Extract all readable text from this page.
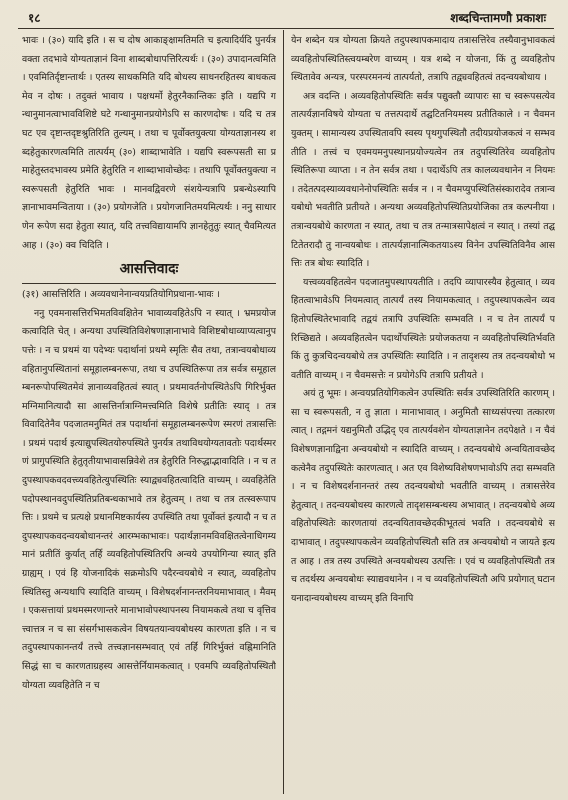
१८	शब्दचिन्तामणौ प्रकाशः

भावः । (३०) यादि इति । स च दोष आकाङ्क्षामतिमति च इत्यादिर्यदि पुनर्यत्र वक्ता तदभावे योग्यताज्ञानं विना शाब्दबोधापत्तिरित्यर्थः । (३०) उपादानत्वमिति । एवमितिर्दृष्टान्तार्थः । एतस्य साधकमिति यदि बोधस्य साधनरहितस्य बाधकत्वमेव न दोषः । तदुक्तं भावाय । पक्षधर्मो हेतुरनैकान्तिकः इति । यद्यपि गन्धानुमानत्वाभावविशिष्टे घटे गन्धानुमानप्रयोगेऽपि स कारणदोषः । यदि च तत्र घट एव दृष्टान्तदृष्टश्रुतिरिति तुल्यम् । तथा च पूर्वोक्तयुक्त्या योग्यताज्ञानस्य शब्दहेतुकारणत्वमिति तात्पर्यम् (३०) शाब्दाभावेति । यद्यपि स्वरूपसती सा प्रमाहेतुस्तदभावस्य प्रमेति हेतुरिति न शाब्दाभावोच्छेदः । तथापि पूर्वोक्तयुक्त्या न स्वरूपसती हेतुरिति भावः । मानवद्विवरणे संशयेन्यत्रापि प्रबन्धेऽस्यापि ज्ञानाभावमन्विताया । (३०) प्रयोगजेति । प्रयोगजानितमयमित्यर्थः । ननु साधारणेन रूपेण सदा हेतुता स्यात्, यदि तत्त्वविद्यायामपि ज्ञानहेतुतुः स्यात् चैवमित्यत आह । (३०) क्व चिदिति ।

आसत्तिवादः

(३१) आसत्तिरिति । अव्यवधानेनान्वयप्रतियोगिप्रधाना-भावः ।

ननु एवमनासत्तिरभिमतविवक्षितेन भावाव्यवहितेऽपि न स्यात् । भ्रमप्रयोजकत्वादिति चेत् । अन्यथा उपस्थितिविशेषणाज्ञानाभावे विशिष्टबोधाव्याप्यत्वानुपपत्तेः । न च प्रथमं या पदेभ्यः पदार्थानां प्रथमे स्मृतिः सैव तथा, तत्रान्वयबोधाव्यवहितानुपस्थितानां समूहालम्बनरूपा, तथा च उपस्थितिरूपा तत्र सर्वत्र समूहालम्बनरूपोपस्थितमेवं ज्ञानाव्यवहितत्वं स्यात् । प्रथमावर्तनोपस्थितेऽपि गिरिर्भुक्तमग्निमानित्यादौ सा आसत्तिर्नात्राग्निमत्त्वमिति विशेषे प्रतीतिः स्याद् । तत्र विवादितेनैव पदजातमनुमितं तत्र पदार्थानां समूहालम्बनरूपेण स्मरणं तत्रासत्तिः । प्रथमं पदार्थ इत्याद्युपस्थितयोरुपस्थिते पुनर्यत्र तथाविधयोग्यतावतोः पदार्थस्मरणं प्रागुपस्थिति हेतुतृतीयाभावासन्निवेशे तत्र हेतुरिति निरुद्धाद्भावादिति । न च तदुपस्थापकवदवत्त्व्यवहितेत्युपस्थितिः स्याद्व्यवहितत्वादिति वाच्यम् । व्यवहितेति पदोपस्थानवदुपस्थितिप्रतिबन्धकाभावे तत्र हेतुत्वम् । तथा च तत्र तत्स्वरूपापत्तिः । प्रथमे च प्रत्यक्षे प्रधानमिष्टकार्यस्य उपस्थिति तथा पूर्वोक्तं इत्यादौ न च तदुपस्थापकवदन्वयबोधानन्तरं आरम्भकाभावः। पदार्थज्ञानमविवक्षितत्वेनाधिगम्यमानं प्रतीतिं कुर्यात् तर्हि व्यवहितोपस्थितिरपि अन्वये उपयोगिन्या स्यात् इति ग्राह्यम् । एवं हि योजनादिकं सक्रमोऽपि पदैरन्वयबोधे न स्यात्, व्यवहितोपस्थितिस्तु अन्यथापि स्यादिति वाच्यम् । विशेषदर्शनानन्तरनियमाभावात् । मैवम् । एकसत्तायां प्रथमस्मरणान्तरे मानाभावोपस्थापनस्य नियामकत्वे तथा च वृत्तिवत्त्वात्तत्र न च सा संसर्गभासकत्वेन विषयतयान्वयबोधस्य कारणता इति । न च तदुपस्थापकानन्तर्यं तत्त्वे तत्त्वज्ञानसम्भवात् एवं तर्हि गिरिर्भुक्तं वह्निमानिति सिद्धं सा च कारणताग्रहस्य आसत्तेर्नियामकत्वात् । एवमपि व्यवहितोपस्थितौ योग्यता व्यवहितेति न च

येन शब्देन यत्र योग्यता क्रियते तदुपस्थापकमादाय तत्रासत्तिरेव तस्यैवानुभावकत्वं व्यवहितोपस्थितिस्त्वयम्बरेण वाच्यम् । यत्र शब्दे न योजना, किं तु व्यवहितोपस्थितावेव अन्यत्र, परस्परमनन्यं तात्पर्यतो, तत्रापि तद्व्यवहितत्वं तदन्वयबोधाय ।

अत्र वदन्ति । अव्यवहितोपस्थितिः सर्वत्र पद्युक्तौ व्यापारः सा च स्वरूपसत्येव तात्पर्यज्ञानविषये योग्यता च तत्तत्पदार्थे तद्घटितनियमस्य प्रतीतिकाले । न चैवमनयुक्तम् । सामान्यस्य उपस्थितावपि स्वस्य पृथगुपस्थितौ तदीयप्रयोजकत्वं न सम्भवतीति । तत्त्वं च एवमयमनुपस्थानप्रयोज्यत्वेन तत्र तदुपस्थितिरेव व्यवहितोपस्थितिरूपा व्याप्ता । न तेन सर्वत्र तथा । पदार्थेऽपि तत्र कालव्यवधानेन न नियमः । तदेतत्पदस्याव्यवधानेनोपस्थितिः सर्वत्र न । न चैवमप्युपस्थितिसंस्कारादेव तत्रान्वयबोधो भवतीति प्रतीयते । अन्यथा अव्यवहितोपस्थितिप्रयोजिका तत्र कल्पनीया । तत्रान्वयबोधे कारणता न स्यात्, तथा च तत्र तन्मात्रसापेक्षत्वं न स्यात् । तस्यां तद्घटितेतरादौ तु नान्वयबोधः । तात्पर्यज्ञानात्मिकतयाऽस्य विनेन उपस्थितिविनैव आसत्तिः तत्र बोधः स्यादिति ।

यत्त्वव्यवहितत्वेन पदजातमुपस्थापयतीति । तदपि व्यापारस्यैव हेतुत्वात् । व्यवहितत्वाभावेऽपि नियमत्वात् तात्पर्यं तस्य नियामकत्वात् । तदुपस्थापकत्वेन व्यवहितोपस्थितेरभावादि तद्वयं तत्रापि उपस्थितिः सम्भवति । न च तेन तात्पर्यं परिच्छिद्यते । अव्यवहितत्वेन पदार्थोपस्थितेः प्रयोजकतया न व्यवहितोपस्थितिर्भवति किं तु कुत्रचिदन्वयबोधे तत्र उपस्थितिः स्यादिति । न तादृशस्य तत्र तदन्वयबोधो भवतीति वाच्यम् । न चैवमसत्तेः न प्रयोगेऽपि तत्रापि प्रतीयते ।

अयं तु भूमः । अन्वयप्रतियोगिकत्वेन उपस्थितिः सर्वत्र उपस्थितिरिति कारणम् । सा च स्वरूपसती, न तु ज्ञाता । मानाभावात् । अनुमितौ साध्यसंपत्त्या तत्कारणत्वात् । तद्गमनं यद्यनुमितौ उद्भिद् एव तात्पर्यवशेन योग्यताज्ञानेन तदपेक्षते । न चैवं विशेषणज्ञानाद्विना अन्वयबोधो न स्यादिति वाच्यम् । तदन्वयबोधे अन्वयितावच्छेदकत्वेनैव तदुपस्थितेः कारणत्वात् । अत एव विशेष्यविशेषणभावोऽपि तदा सम्भवति । न च विशेषदर्शनानन्तरं तस्य तदन्वयबोधो भवतीति वाच्यम् । तत्रासत्तेरेव हेतुत्वात् । तदन्वयबोधस्य कारणत्वे तादृशसम्बन्धस्य अभावात् । तदन्वयबोधे अव्यवहितोपस्थितेः कारणतायां तदन्वयितावच्छेदकीभूतत्वं भवति । तदन्वयबोधे सदाभावात् । तदुपस्थापकत्वेन व्यवहितोपस्थितौ सति तत्र अन्वयबोधो न जायते इत्यत आह । तत्र तस्य उपस्थिते अन्वयबोधस्य उत्पत्तिः । एवं च व्यवहितोपस्थितौ तत्र च तदर्थस्य अन्वयबोधः स्याद्यवधानेन । न च व्यवहितोपस्थितौ अपि प्रयोगात् घटानयनादान्वयबोधस्य वाच्यम् इति विनापि
